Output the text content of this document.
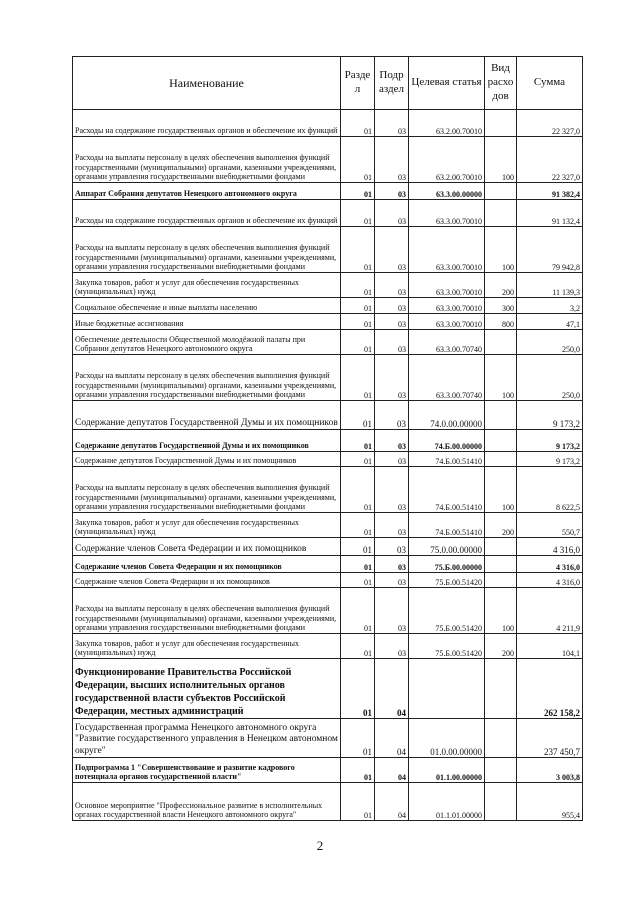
Наименование	Разде л	Подр аздел	Целевая статья	Вид расхо дов	Сумма
Расходы на содержание государственных органов и обеспечение их функций	01	03	63.2.00.70010		22 327,0
Расходы на выплаты персоналу в целях обеспечения выполнения функций государственными (муниципальными) органами, казенными учреждениями, органами управления государственными внебюджетными фондами	01	03	63.2.00.70010	100	22 327,0
Аппарат Собрания депутатов Ненецкого автономного округа	01	03	63.3.00.00000		91 382,4
Расходы на содержание государственных органов и обеспечение их функций	01	03	63.3.00.70010		91 132,4
Расходы на выплаты персоналу в целях обеспечения выполнения функций государственными (муниципальными) органами, казенными учреждениями, органами управления государственными внебюджетными фондами	01	03	63.3.00.70010	100	79 942,8
Закупка товаров, работ и услуг для обеспечения государственных (муниципальных) нужд	01	03	63.3.00.70010	200	11 139,3
Социальное обеспечение и иные выплаты населению	01	03	63.3.00.70010	300	3,2
Иные бюджетные ассигнования	01	03	63.3.00.70010	800	47,1
Обеспечение деятельности Общественной молодёжной палаты при Собрании депутатов Ненецкого автономного округа	01	03	63.3.00.70740		250,0
Расходы на выплаты персоналу в целях обеспечения выполнения функций государственными (муниципальными) органами, казенными учреждениями, органами управления государственными внебюджетными фондами	01	03	63.3.00.70740	100	250,0
Содержание депутатов Государственной Думы и их помощников	01	03	74.0.00.00000		9 173,2
Содержание депутатов Государственной Думы и их помощников	01	03	74.Б.00.00000		9 173,2
Содержание депутатов Государственной Думы и их помощников	01	03	74.Б.00.51410		9 173,2
Расходы на выплаты персоналу в целях обеспечения выполнения функций государственными (муниципальными) органами, казенными учреждениями, органами управления государственными внебюджетными фондами	01	03	74.Б.00.51410	100	8 622,5
Закупка товаров, работ и услуг для обеспечения государственных (муниципальных) нужд	01	03	74.Б.00.51410	200	550,7
Содержание членов Совета Федерации и их помощников	01	03	75.0.00.00000		4 316,0
Содержание членов Совета Федерации и их помощников	01	03	75.Б.00.00000		4 316,0
Содержание членов Совета Федерации и их помощников	01	03	75.Б.00.51420		4 316,0
Расходы на выплаты персоналу в целях обеспечения выполнения функций государственными (муниципальными) органами, казенными учреждениями, органами управления государственными внебюджетными фондами	01	03	75.Б.00.51420	100	4 211,9
Закупка товаров, работ и услуг для обеспечения государственных (муниципальных) нужд	01	03	75.Б.00.51420	200	104,1
Функционирование Правительства Российской Федерации, высших исполнительных органов государственной власти субъектов Российской Федерации, местных администраций	01	04			262 158,2
Государственная программа Ненецкого автономного округа "Развитие государственного управления в Ненецком автономном округе"	01	04	01.0.00.00000		237 450,7
Подпрограмма 1 "Совершенствование и развитие кадрового потенциала органов государственной власти"	01	04	01.1.00.00000		3 003,8
Основное мероприятие "Профессиональное развитие в исполнительных органах государственной власти Ненецкого автономного округа"	01	04	01.1.01.00000		955,4
2
